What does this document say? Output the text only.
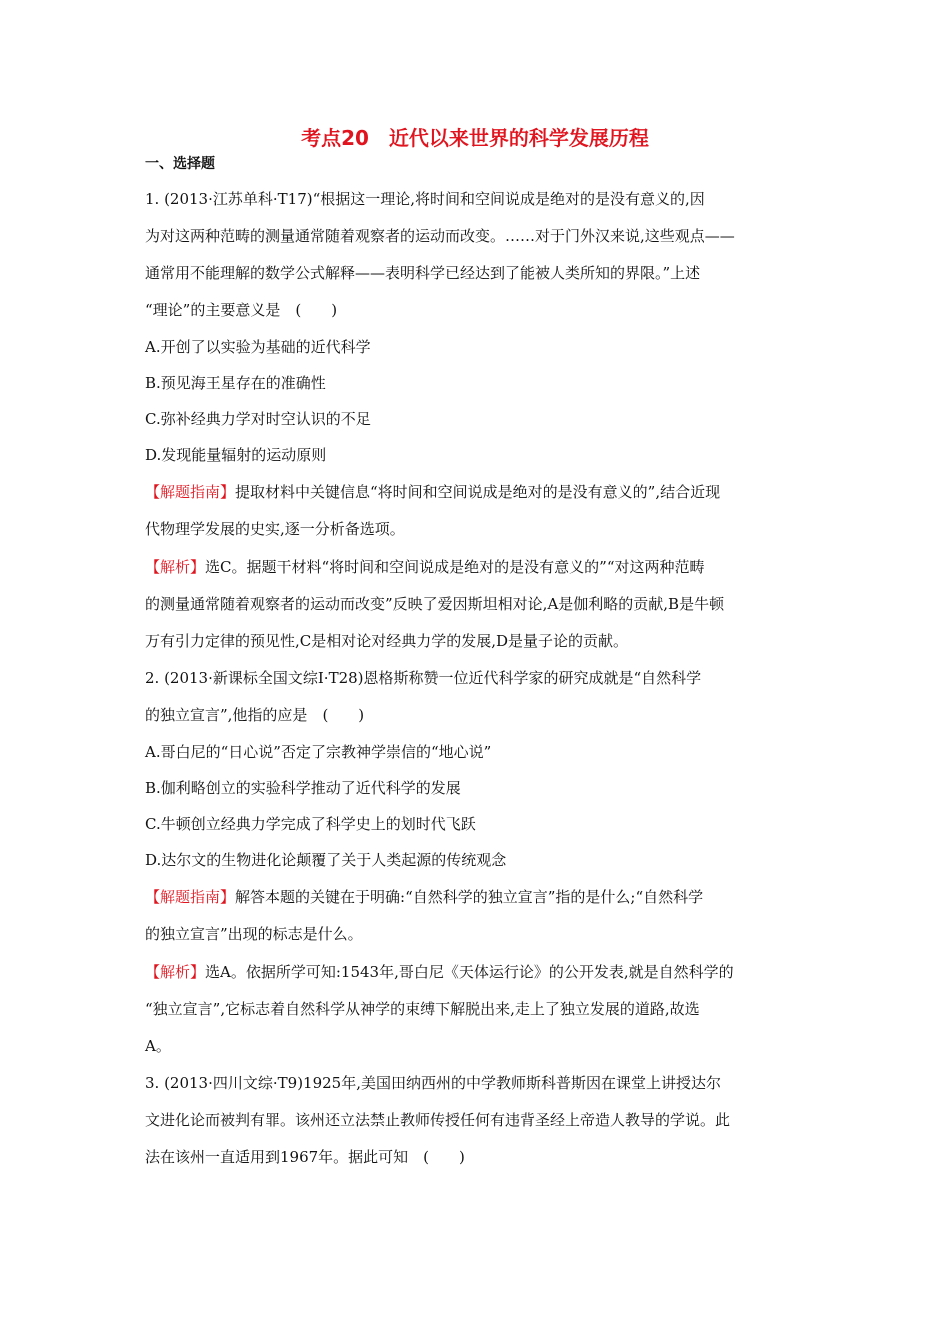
考点20　近代以来世界的科学发展历程

一、选择题

1. (2013·江苏单科·T17)“根据这一理论,将时间和空间说成是绝对的是没有意义的,因

为对这两种范畴的测量通常随着观察者的运动而改变。……对于门外汉来说,这些观点——

通常用不能理解的数学公式解释——表明科学已经达到了能被人类所知的界限。”上述

“理论”的主要意义是　(　　)

A.开创了以实验为基础的近代科学

B.预见海王星存在的准确性

C.弥补经典力学对时空认识的不足

D.发现能量辐射的运动原则

【解题指南】提取材料中关键信息“将时间和空间说成是绝对的是没有意义的”,结合近现

代物理学发展的史实,逐一分析备选项。

【解析】选C。据题干材料“将时间和空间说成是绝对的是没有意义的”“对这两种范畴

的测量通常随着观察者的运动而改变”反映了爱因斯坦相对论,A是伽利略的贡献,B是牛顿

万有引力定律的预见性,C是相对论对经典力学的发展,D是量子论的贡献。

2. (2013·新课标全国文综Ⅰ·T28)恩格斯称赞一位近代科学家的研究成就是“自然科学

的独立宣言”,他指的应是　(　　)

A.哥白尼的“日心说”否定了宗教神学崇信的“地心说”

B.伽利略创立的实验科学推动了近代科学的发展

C.牛顿创立经典力学完成了科学史上的划时代飞跃

D.达尔文的生物进化论颠覆了关于人类起源的传统观念

【解题指南】解答本题的关键在于明确:“自然科学的独立宣言”指的是什么;“自然科学

的独立宣言”出现的标志是什么。

【解析】选A。依据所学可知:1543年,哥白尼《天体运行论》的公开发表,就是自然科学的

“独立宣言”,它标志着自然科学从神学的束缚下解脱出来,走上了独立发展的道路,故选

A。

3. (2013·四川文综·T9)1925年,美国田纳西州的中学教师斯科普斯因在课堂上讲授达尔

文进化论而被判有罪。该州还立法禁止教师传授任何有违背圣经上帝造人教导的学说。此

法在该州一直适用到1967年。据此可知　(　　)
